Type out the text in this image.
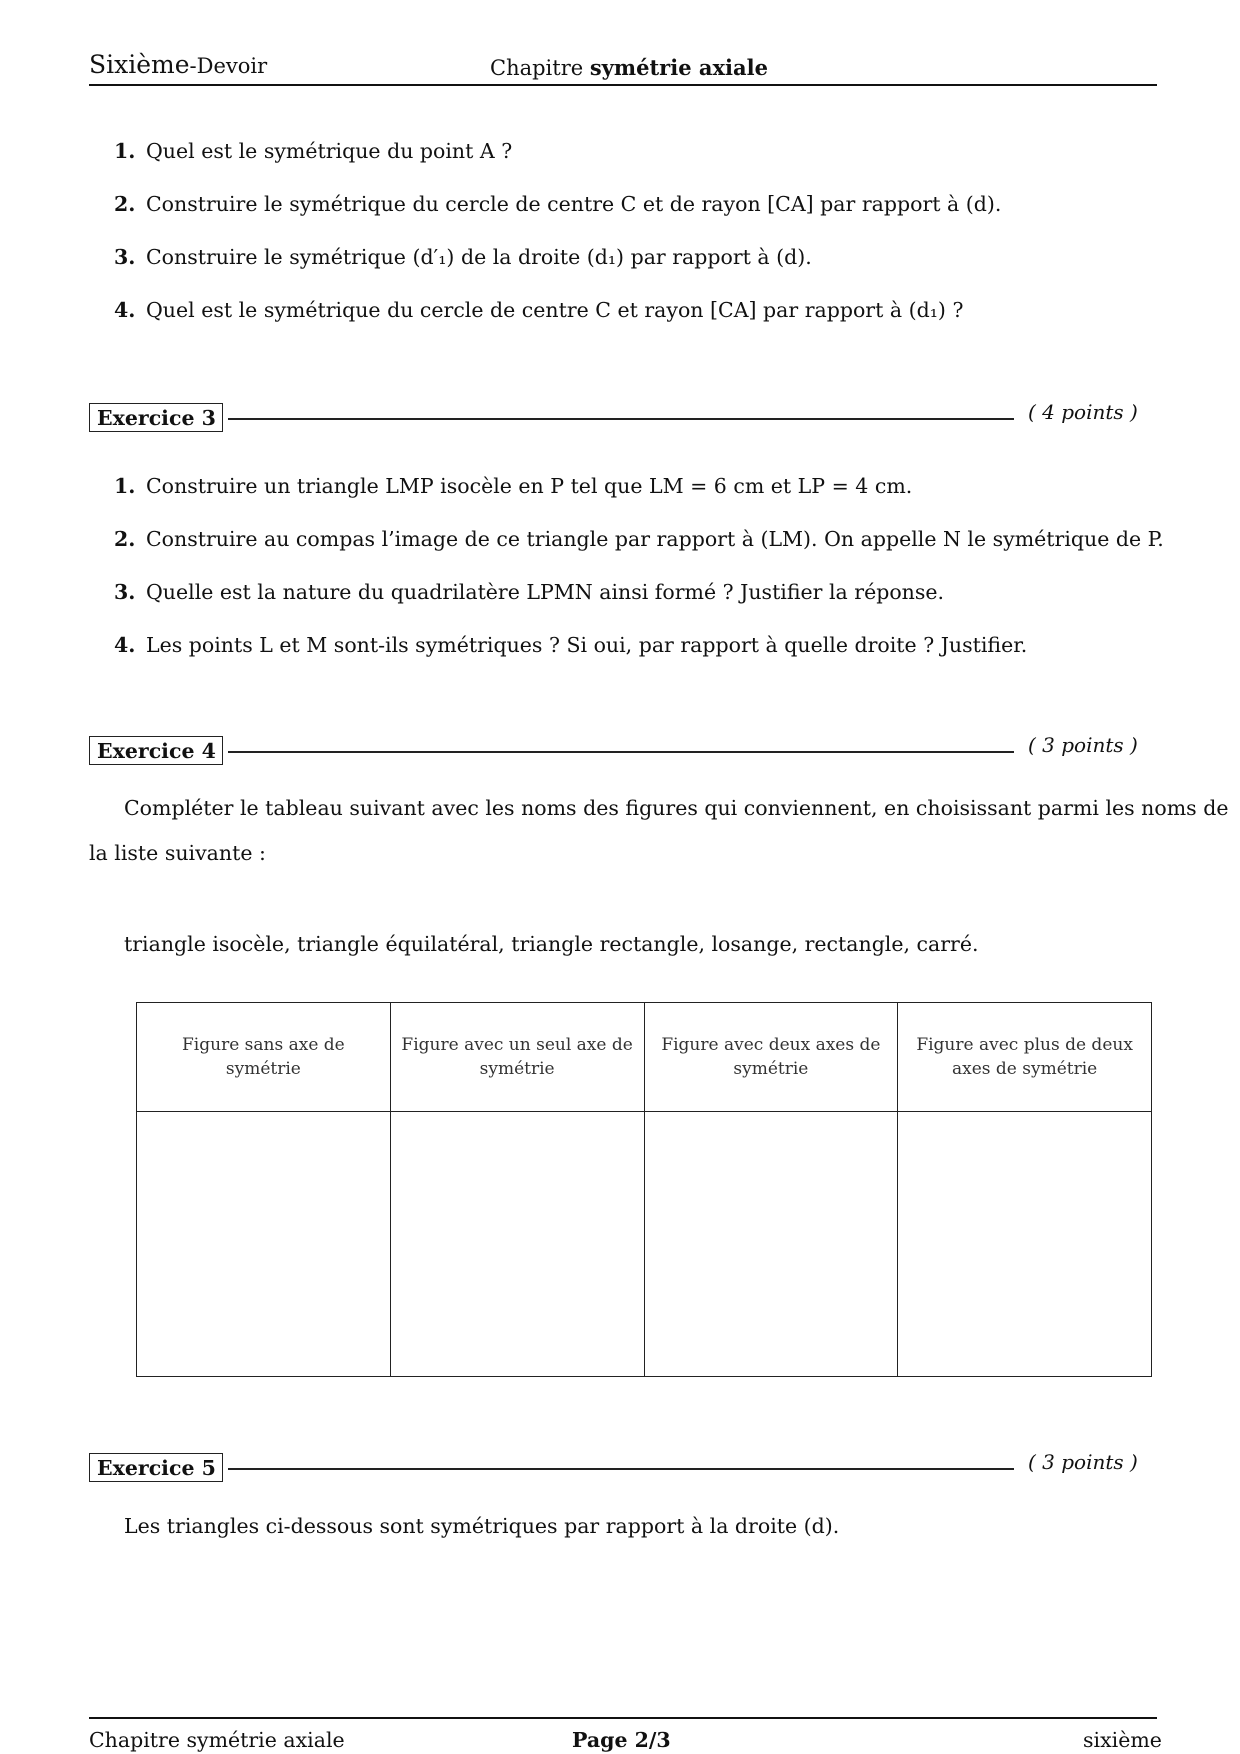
Sixième-Devoir	Chapitre symétrie axiale
1. Quel est le symétrique du point A ?
2. Construire le symétrique du cercle de centre C et de rayon [CA] par rapport à (d).
3. Construire le symétrique (d′₁) de la droite (d₁) par rapport à (d).
4. Quel est le symétrique du cercle de centre C et rayon [CA] par rapport à (d₁) ?
Exercice 3	( 4 points )
1. Construire un triangle LMP isocèle en P tel que LM = 6 cm et LP = 4 cm.
2. Construire au compas l’image de ce triangle par rapport à (LM). On appelle N le symétrique de P.
3. Quelle est la nature du quadrilatère LPMN ainsi formé ? Justifier la réponse.
4. Les points L et M sont-ils symétriques ? Si oui, par rapport à quelle droite ? Justifier.
Exercice 4	( 3 points )
Compléter le tableau suivant avec les noms des figures qui conviennent, en choisissant parmi les noms de
la liste suivante :
triangle isocèle, triangle équilatéral, triangle rectangle, losange, rectangle, carré.
Figure sans axe de symétrie	Figure avec un seul axe de symétrie	Figure avec deux axes de symétrie	Figure avec plus de deux axes de symétrie

Exercice 5	( 3 points )
Les triangles ci-dessous sont symétriques par rapport à la droite (d).
Chapitre symétrie axiale	Page 2/3	sixième
